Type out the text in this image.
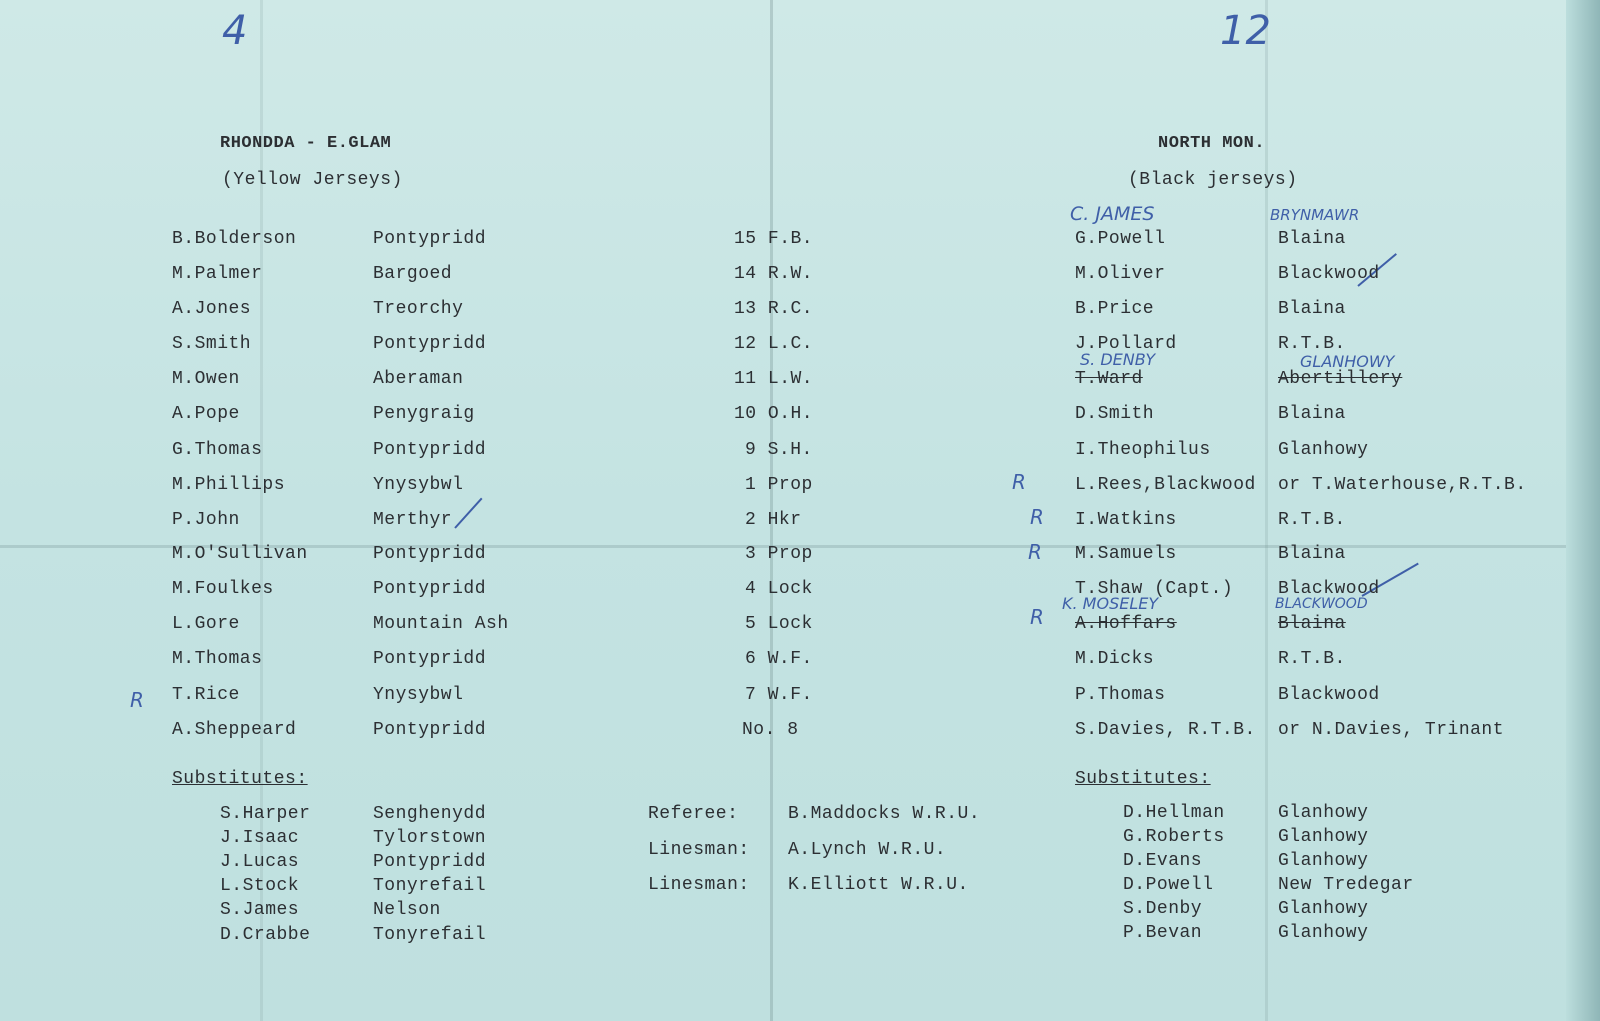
4	12
C. JAMES	BRYNMAWR
S. DENBY	GLANHOWY
K. MOSELEY	BLACKWOOD
R
R
R
R
R
RHONDDA - E.GLAM
(Yellow Jerseys)
NORTH MON.
(Black jerseys)
B.Bolderson	Pontypridd	15 F.B.	G.Powell	Blaina
M.Palmer	Bargoed	14 R.W.	M.Oliver	Blackwood
A.Jones	Treorchy	13 R.C.	B.Price	Blaina
S.Smith	Pontypridd	12 L.C.	J.Pollard	R.T.B.
M.Owen	Aberaman	11 L.W.	T.Ward	Abertillery
A.Pope	Penygraig	10 O.H.	D.Smith	Blaina
G.Thomas	Pontypridd	9 S.H.	I.Theophilus	Glanhowy
M.Phillips	Ynysybwl	1 Prop	L.Rees,Blackwood or T.Waterhouse,R.T.B.
P.John	Merthyr	2 Hkr	I.Watkins	R.T.B.
M.O'Sullivan	Pontypridd	3 Prop	M.Samuels	Blaina
M.Foulkes	Pontypridd	4 Lock	T.Shaw (Capt.) Blackwood
L.Gore	Mountain Ash	5 Lock	A.Hoffars	Blaina
M.Thomas	Pontypridd	6 W.F.	M.Dicks	R.T.B.
T.Rice	Ynysybwl	7 W.F.	P.Thomas	Blackwood
A.Sheppeard	Pontypridd	No. 8	S.Davies, R.T.B. or N.Davies, Trinant
Substitutes:	Substitutes:
S.Harper	Senghenydd	D.Hellman	Glanhowy
J.Isaac	Tylorstown	G.Roberts	Glanhowy
J.Lucas	Pontypridd	D.Evans	Glanhowy
L.Stock	Tonyrefail	D.Powell	New Tredegar
S.James	Nelson	S.Denby	Glanhowy
D.Crabbe	Tonyrefail	P.Bevan	Glanhowy
Referee:	B.Maddocks W.R.U.
Linesman: A.Lynch W.R.U.
Linesman: K.Elliott W.R.U.
